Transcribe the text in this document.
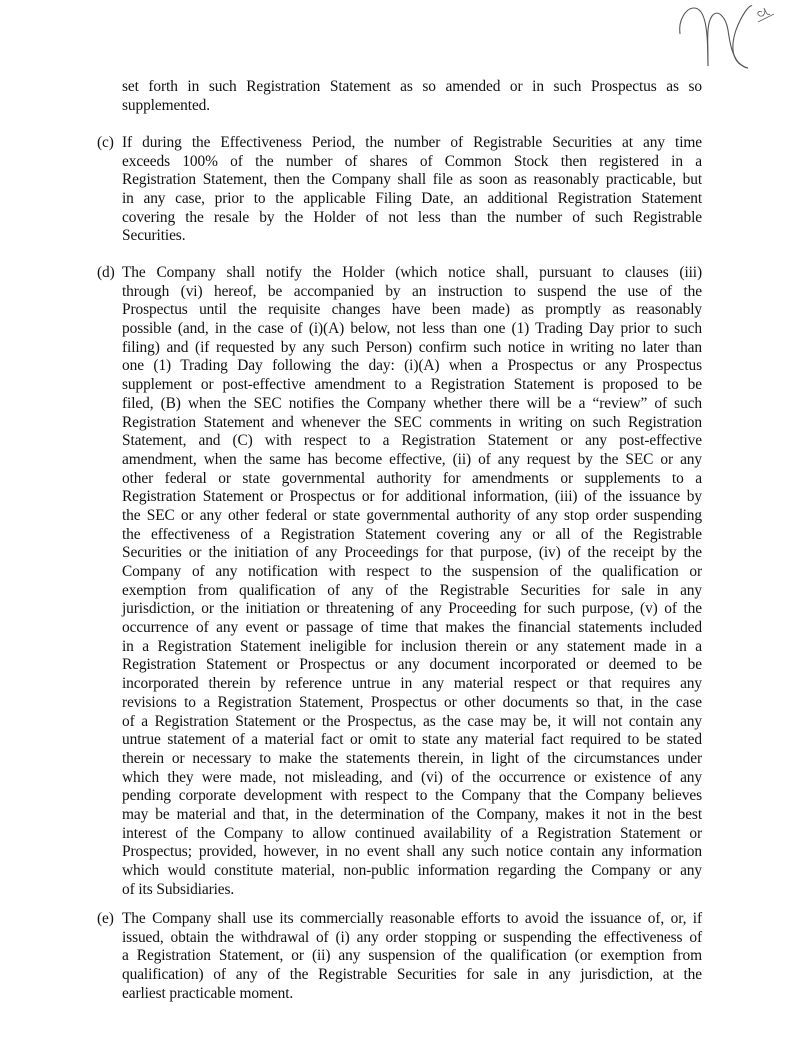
set forth in such Registration Statement as so amended or in such Prospectus as so
supplemented.
(c) If during the Effectiveness Period, the number of Registrable Securities at any time
exceeds 100% of the number of shares of Common Stock then registered in a
Registration Statement, then the Company shall file as soon as reasonably practicable, but
in any case, prior to the applicable Filing Date, an additional Registration Statement
covering the resale by the Holder of not less than the number of such Registrable
Securities.
(d) The Company shall notify the Holder (which notice shall, pursuant to clauses (iii)
through (vi) hereof, be accompanied by an instruction to suspend the use of the
Prospectus until the requisite changes have been made) as promptly as reasonably
possible (and, in the case of (i)(A) below, not less than one (1) Trading Day prior to such
filing) and (if requested by any such Person) confirm such notice in writing no later than
one (1) Trading Day following the day: (i)(A) when a Prospectus or any Prospectus
supplement or post-effective amendment to a Registration Statement is proposed to be
filed, (B) when the SEC notifies the Company whether there will be a “review” of such
Registration Statement and whenever the SEC comments in writing on such Registration
Statement, and (C) with respect to a Registration Statement or any post-effective
amendment, when the same has become effective, (ii) of any request by the SEC or any
other federal or state governmental authority for amendments or supplements to a
Registration Statement or Prospectus or for additional information, (iii) of the issuance by
the SEC or any other federal or state governmental authority of any stop order suspending
the effectiveness of a Registration Statement covering any or all of the Registrable
Securities or the initiation of any Proceedings for that purpose, (iv) of the receipt by the
Company of any notification with respect to the suspension of the qualification or
exemption from qualification of any of the Registrable Securities for sale in any
jurisdiction, or the initiation or threatening of any Proceeding for such purpose, (v) of the
occurrence of any event or passage of time that makes the financial statements included
in a Registration Statement ineligible for inclusion therein or any statement made in a
Registration Statement or Prospectus or any document incorporated or deemed to be
incorporated therein by reference untrue in any material respect or that requires any
revisions to a Registration Statement, Prospectus or other documents so that, in the case
of a Registration Statement or the Prospectus, as the case may be, it will not contain any
untrue statement of a material fact or omit to state any material fact required to be stated
therein or necessary to make the statements therein, in light of the circumstances under
which they were made, not misleading, and (vi) of the occurrence or existence of any
pending corporate development with respect to the Company that the Company believes
may be material and that, in the determination of the Company, makes it not in the best
interest of the Company to allow continued availability of a Registration Statement or
Prospectus; provided, however, in no event shall any such notice contain any information
which would constitute material, non-public information regarding the Company or any
of its Subsidiaries.
(e) The Company shall use its commercially reasonable efforts to avoid the issuance of, or, if
issued, obtain the withdrawal of (i) any order stopping or suspending the effectiveness of
a Registration Statement, or (ii) any suspension of the qualification (or exemption from
qualification) of any of the Registrable Securities for sale in any jurisdiction, at the
earliest practicable moment.
